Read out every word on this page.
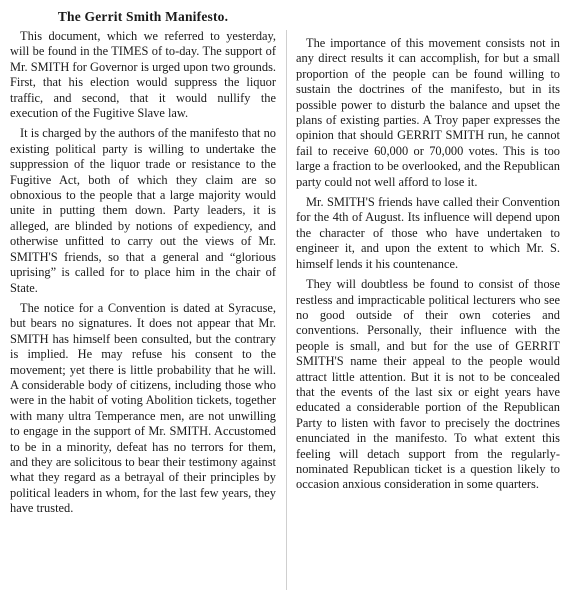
The Gerrit Smith Manifesto.

This document, which we referred to yesterday, will be found in the TIMES of to-day. The support of Mr. SMITH for Governor is urged upon two grounds. First, that his election would suppress the liquor traffic, and second, that it would nullify the execution of the Fugitive Slave law.

It is charged by the authors of the manifesto that no existing political party is willing to undertake the suppression of the liquor trade or resistance to the Fugitive Act, both of which they claim are so obnoxious to the people that a large majority would unite in putting them down. Party leaders, it is alleged, are blinded by notions of expediency, and otherwise unfitted to carry out the views of Mr. SMITH'S friends, so that a general and “glorious uprising” is called for to place him in the chair of State.

The notice for a Convention is dated at Syracuse, but bears no signatures. It does not appear that Mr. SMITH has himself been consulted, but the contrary is implied. He may refuse his consent to the movement; yet there is little probability that he will. A considerable body of citizens, including those who were in the habit of voting Abolition tickets, together with many ultra Temperance men, are not unwilling to engage in the support of Mr. SMITH. Accustomed to be in a minority, defeat has no terrors for them, and they are solicitous to bear their testimony against what they regard as a betrayal of their principles by political leaders in whom, for the last few years, they have trusted.

The importance of this movement consists not in any direct results it can accomplish, for but a small proportion of the people can be found willing to sustain the doctrines of the manifesto, but in its possible power to disturb the balance and upset the plans of existing parties. A Troy paper expresses the opinion that should GERRIT SMITH run, he cannot fail to receive 60,000 or 70,000 votes. This is too large a fraction to be overlooked, and the Republican party could not well afford to lose it.

Mr. SMITH'S friends have called their Convention for the 4th of August. Its influence will depend upon the character of those who have undertaken to engineer it, and upon the extent to which Mr. S. himself lends it his countenance.

They will doubtless be found to consist of those restless and impracticable political lecturers who see no good outside of their own coteries and conventions. Personally, their influence with the people is small, and but for the use of GERRIT SMITH'S name their appeal to the people would attract little attention. But it is not to be concealed that the events of the last six or eight years have educated a considerable portion of the Republican Party to listen with favor to precisely the doctrines enunciated in the manifesto. To what extent this feeling will detach support from the regularly-nominated Republican ticket is a question likely to occasion anxious consideration in some quarters.
